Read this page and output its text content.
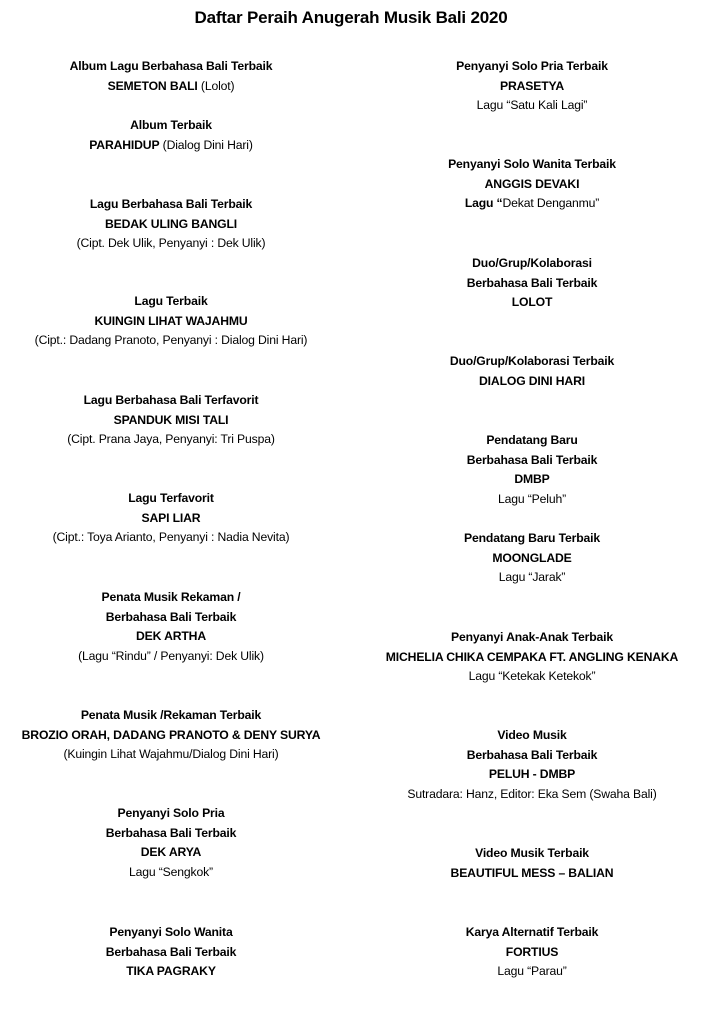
Daftar Peraih Anugerah Musik Bali 2020
Album Lagu Berbahasa Bali Terbaik
SEMETON BALI (Lolot)
Album Terbaik
PARAHIDUP (Dialog Dini Hari)
Lagu Berbahasa Bali Terbaik
BEDAK ULING BANGLI
(Cipt. Dek Ulik, Penyanyi : Dek Ulik)
Lagu Terbaik
KUINGIN LIHAT WAJAHMU
(Cipt.: Dadang Pranoto, Penyanyi : Dialog Dini Hari)
Lagu Berbahasa Bali Terfavorit
SPANDUK MISI TALI
(Cipt. Prana Jaya, Penyanyi: Tri Puspa)
Lagu Terfavorit
SAPI LIAR
(Cipt.: Toya Arianto, Penyanyi : Nadia Nevita)
Penata Musik Rekaman /
Berbahasa Bali Terbaik
DEK ARTHA
(Lagu “Rindu” / Penyanyi: Dek Ulik)
Penata Musik /Rekaman Terbaik
BROZIO ORAH, DADANG PRANOTO & DENY SURYA
(Kuingin Lihat Wajahmu/Dialog Dini Hari)
Penyanyi Solo Pria
Berbahasa Bali Terbaik
DEK ARYA
Lagu “Sengkok”
Penyanyi Solo Wanita
Berbahasa Bali Terbaik
TIKA PAGRAKY
Penyanyi Solo Pria Terbaik
PRASETYA
Lagu “Satu Kali Lagi”
Penyanyi Solo Wanita Terbaik
ANGGIS DEVAKI
Lagu “Dekat Denganmu”
Duo/Grup/Kolaborasi
Berbahasa Bali Terbaik
LOLOT
Duo/Grup/Kolaborasi Terbaik
DIALOG DINI HARI
Pendatang Baru
Berbahasa Bali Terbaik
DMBP
Lagu “Peluh”
Pendatang Baru Terbaik
MOONGLADE
Lagu “Jarak”
Penyanyi Anak-Anak Terbaik
MICHELIA CHIKA CEMPAKA FT. ANGLING KENAKA
Lagu “Ketekak Ketekok”
Video Musik
Berbahasa Bali Terbaik
PELUH - DMBP
Sutradara: Hanz, Editor: Eka Sem (Swaha Bali)
Video Musik Terbaik
BEAUTIFUL MESS – BALIAN
Karya Alternatif Terbaik
FORTIUS
Lagu “Parau”
